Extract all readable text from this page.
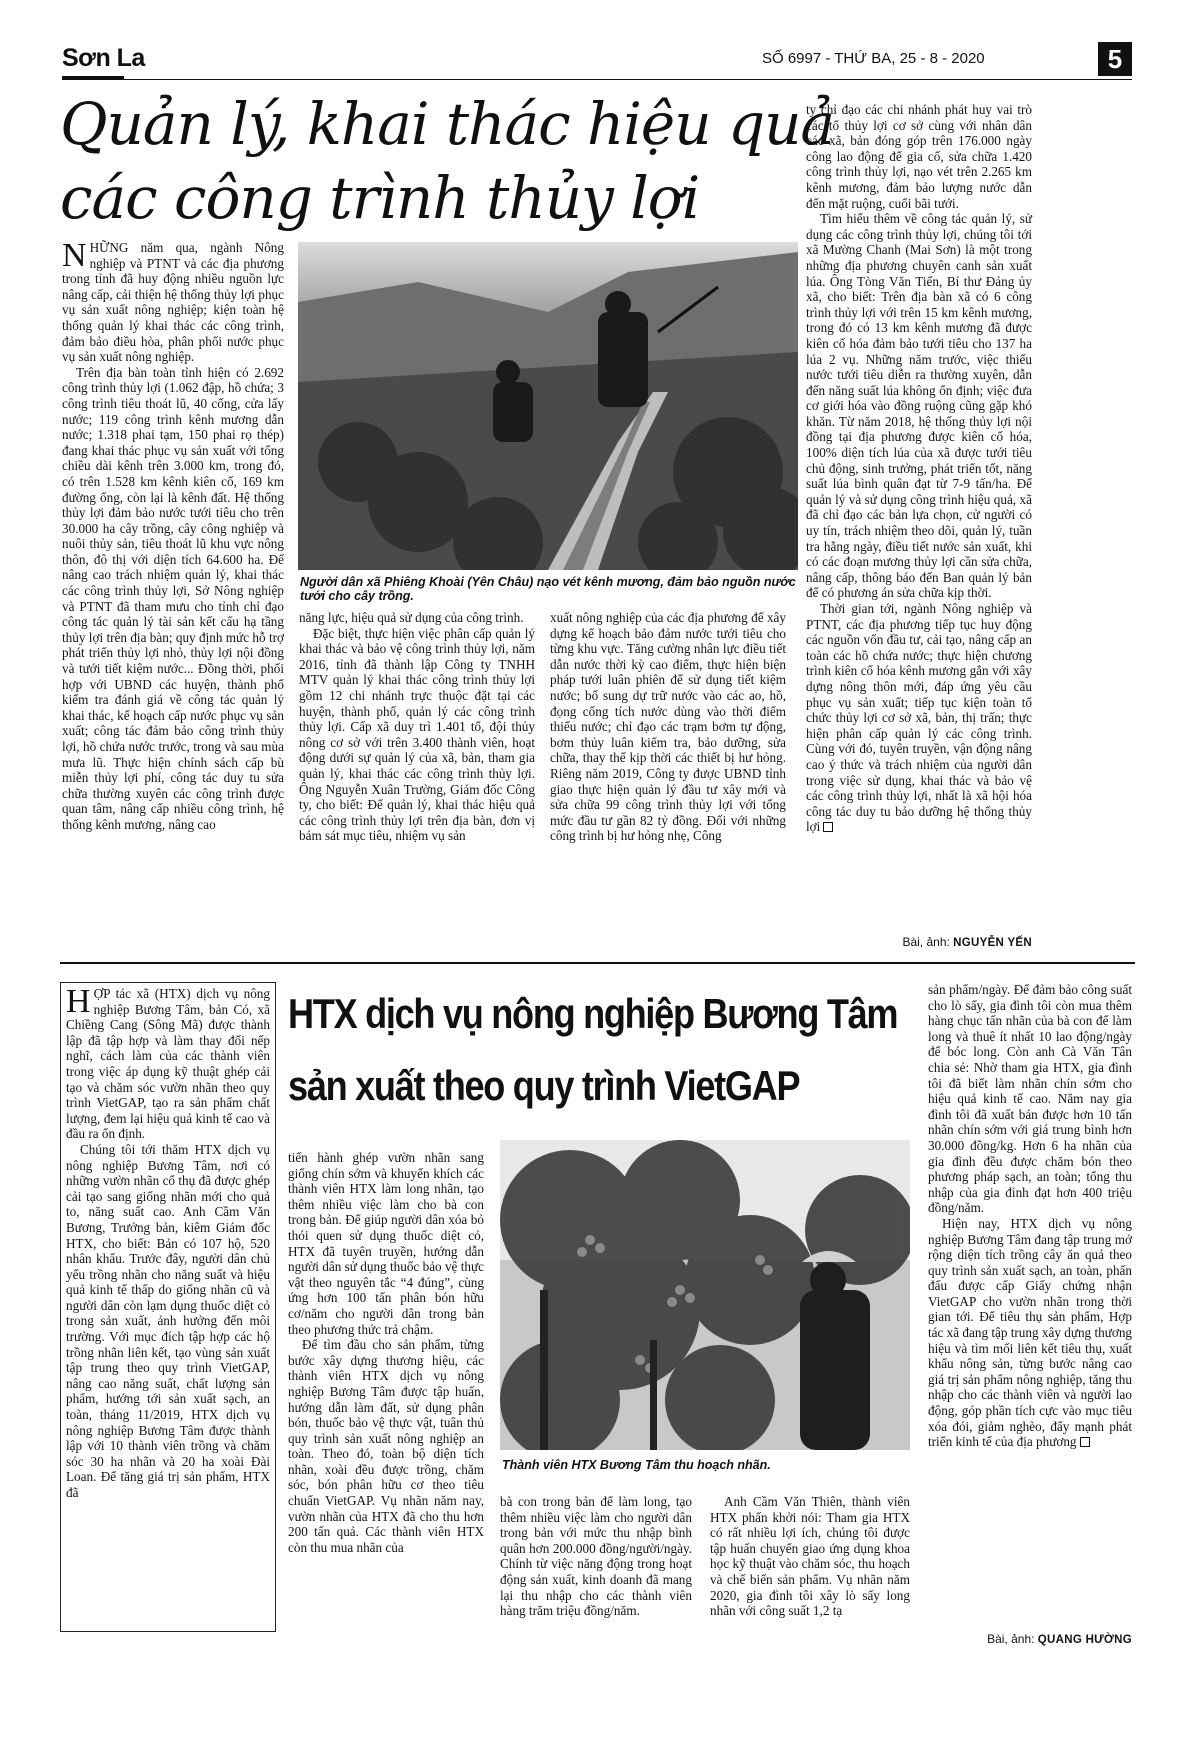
Sơn La	SỐ 6997 - THỨ BA, 25 - 8 - 2020	5
Quản lý, khai thác hiệu quả
các công trình thủy lợi

NHỮNG năm qua, ngành Nông nghiệp và PTNT và các địa phương trong tỉnh đã huy động nhiều nguồn lực nâng cấp, cải thiện hệ thống thủy lợi phục vụ sản xuất nông nghiệp; kiện toàn hệ thống quản lý khai thác các công trình, đảm bảo điều hòa, phân phối nước phục vụ sản xuất nông nghiệp.

Trên địa bàn toàn tỉnh hiện có 2.692 công trình thủy lợi (1.062 đập, hồ chứa; 3 công trình tiêu thoát lũ, 40 cống, cửa lấy nước; 119 công trình kênh mương dẫn nước; 1.318 phai tạm, 150 phai rọ thép) đang khai thác phục vụ sản xuất với tổng chiều dài kênh trên 3.000 km, trong đó, có trên 1.528 km kênh kiên cố, 169 km đường ống, còn lại là kênh đất. Hệ thống thủy lợi đảm bảo nước tưới tiêu cho trên 30.000 ha cây trồng, cây công nghiệp và nuôi thủy sản, tiêu thoát lũ khu vực nông thôn, đô thị với diện tích 64.600 ha. Để nâng cao trách nhiệm quản lý, khai thác các công trình thủy lợi, Sở Nông nghiệp và PTNT đã tham mưu cho tỉnh chỉ đạo công tác quản lý tài sản kết cấu hạ tầng thủy lợi trên địa bàn; quy định mức hỗ trợ phát triển thủy lợi nhỏ, thủy lợi nội đồng và tưới tiết kiệm nước... Đồng thời, phối hợp với UBND các huyện, thành phố kiểm tra đánh giá về công tác quản lý khai thác, kế hoạch cấp nước phục vụ sản xuất; công tác đảm bảo công trình thủy lợi, hồ chứa nước trước, trong và sau mùa mưa lũ. Thực hiện chính sách cấp bù miễn thủy lợi phí, công tác duy tu sửa chữa thường xuyên các công trình được quan tâm, nâng cấp nhiều công trình, hệ thống kênh mương, nâng cao

Người dân xã Phiêng Khoài (Yên Châu) nạo vét kênh mương, đảm bảo nguồn nước tưới cho cây trồng.

năng lực, hiệu quả sử dụng của công trình.

Đặc biệt, thực hiện việc phân cấp quản lý khai thác và bảo vệ công trình thủy lợi, năm 2016, tỉnh đã thành lập Công ty TNHH MTV quản lý khai thác công trình thủy lợi gồm 12 chi nhánh trực thuộc đặt tại các huyện, thành phố, quản lý các công trình thủy lợi. Cấp xã duy trì 1.401 tổ, đội thủy nông cơ sở với trên 3.400 thành viên, hoạt động dưới sự quản lý của xã, bản, tham gia quản lý, khai thác các công trình thủy lợi. Ông Nguyễn Xuân Trường, Giám đốc Công ty, cho biết: Để quản lý, khai thác hiệu quả các công trình thủy lợi trên địa bàn, đơn vị bám sát mục tiêu, nhiệm vụ sản

xuất nông nghiệp của các địa phương để xây dựng kế hoạch bảo đảm nước tưới tiêu cho từng khu vực. Tăng cường nhân lực điều tiết dẫn nước thời kỳ cao điểm, thực hiện biện pháp tưới luân phiên để sử dụng tiết kiệm nước; bổ sung dự trữ nước vào các ao, hồ, đọng cống tích nước dùng vào thời điểm thiếu nước; chỉ đạo các trạm bơm tự động, bơm thủy luân kiểm tra, bảo dưỡng, sửa chữa, thay thế kịp thời các thiết bị hư hỏng. Riêng năm 2019, Công ty được UBND tỉnh giao thực hiện quản lý đầu tư xây mới và sửa chữa 99 công trình thủy lợi với tổng mức đầu tư gần 82 tỷ đồng. Đối với những công trình bị hư hỏng nhẹ, Công

ty chỉ đạo các chi nhánh phát huy vai trò các tổ thủy lợi cơ sở cùng với nhân dân các xã, bản đóng góp trên 176.000 ngày công lao động để gia cố, sửa chữa 1.420 công trình thủy lợi, nạo vét trên 2.265 km kênh mương, đảm bảo lượng nước dẫn đến mặt ruộng, cuối bãi tưới.

Tìm hiểu thêm về công tác quản lý, sử dụng các công trình thủy lợi, chúng tôi tới xã Mường Chanh (Mai Sơn) là một trong những địa phương chuyên canh sản xuất lúa. Ông Tòng Văn Tiến, Bí thư Đảng ủy xã, cho biết: Trên địa bàn xã có 6 công trình thủy lợi với trên 15 km kênh mương, trong đó có 13 km kênh mương đã được kiên cố hóa đảm bảo tưới tiêu cho 137 ha lúa 2 vụ. Những năm trước, việc thiếu nước tưới tiêu diễn ra thường xuyên, dẫn đến năng suất lúa không ổn định; việc đưa cơ giới hóa vào đồng ruộng cũng gặp khó khăn. Từ năm 2018, hệ thống thủy lợi nội đồng tại địa phương được kiên cố hóa, 100% diện tích lúa của xã được tưới tiêu chủ động, sinh trưởng, phát triển tốt, năng suất lúa bình quân đạt từ 7-9 tấn/ha. Để quản lý và sử dụng công trình hiệu quả, xã đã chỉ đạo các bản lựa chọn, cử người có uy tín, trách nhiệm theo dõi, quản lý, tuần tra hằng ngày, điều tiết nước sản xuất, khi có các đoạn mương thủy lợi cần sửa chữa, nâng cấp, thông báo đến Ban quản lý bản để có phương án sửa chữa kịp thời.

Thời gian tới, ngành Nông nghiệp và PTNT, các địa phương tiếp tục huy động các nguồn vốn đầu tư, cải tạo, nâng cấp an toàn các hồ chứa nước; thực hiện chương trình kiên cố hóa kênh mương gắn với xây dựng nông thôn mới, đáp ứng yêu cầu phục vụ sản xuất; tiếp tục kiện toàn tổ chức thủy lợi cơ sở xã, bản, thị trấn; thực hiện phân cấp quản lý các công trình. Cùng với đó, tuyên truyền, vận động nâng cao ý thức và trách nhiệm của người dân trong việc sử dụng, khai thác và bảo vệ các công trình thủy lợi, nhất là xã hội hóa công tác duy tu bảo dưỡng hệ thống thủy lợi

Bài, ảnh: NGUYỄN YẾN

HỢP tác xã (HTX) dịch vụ nông nghiệp Bương Tâm, bản Có, xã Chiềng Cang (Sông Mã) được thành lập đã tập hợp và làm thay đổi nếp nghĩ, cách làm của các thành viên trong việc áp dụng kỹ thuật ghép cải tạo và chăm sóc vườn nhãn theo quy trình VietGAP, tạo ra sản phẩm chất lượng, đem lại hiệu quả kinh tế cao và đầu ra ổn định.

Chúng tôi tới thăm HTX dịch vụ nông nghiệp Bương Tâm, nơi có những vườn nhãn cổ thụ đã được ghép cải tạo sang giống nhãn mới cho quả to, năng suất cao. Anh Cầm Văn Bương, Trưởng bản, kiêm Giám đốc HTX, cho biết: Bản có 107 hộ, 520 nhân khẩu. Trước đây, người dân chủ yếu trồng nhãn cho năng suất và hiệu quả kinh tế thấp do giống nhãn cũ và người dân còn lạm dụng thuốc diệt cỏ trong sản xuất, ảnh hưởng đến môi trường. Với mục đích tập hợp các hộ trồng nhãn liên kết, tạo vùng sản xuất tập trung theo quy trình VietGAP, nâng cao năng suất, chất lượng sản phẩm, hướng tới sản xuất sạch, an toàn, tháng 11/2019, HTX dịch vụ nông nghiệp Bương Tâm được thành lập với 10 thành viên trồng và chăm sóc 30 ha nhãn và 20 ha xoài Đài Loan. Để tăng giá trị sản phẩm, HTX đã

HTX dịch vụ nông nghiệp Bương Tâm
sản xuất theo quy trình VietGAP

tiến hành ghép vườn nhãn sang giống chín sớm và khuyến khích các thành viên HTX làm long nhãn, tạo thêm nhiều việc làm cho bà con trong bản. Để giúp người dân xóa bỏ thói quen sử dụng thuốc diệt cỏ, HTX đã tuyên truyền, hướng dẫn người dân sử dụng thuốc bảo vệ thực vật theo nguyên tắc “4 đúng”, cùng ứng hơn 100 tấn phân bón hữu cơ/năm cho người dân trong bản theo phương thức trả chậm.

Để tìm đầu cho sản phẩm, từng bước xây dựng thương hiệu, các thành viên HTX dịch vụ nông nghiệp Bương Tâm được tập huấn, hướng dẫn làm đất, sử dụng phân bón, thuốc bảo vệ thực vật, tuân thủ quy trình sản xuất nông nghiệp an toàn. Theo đó, toàn bộ diện tích nhãn, xoài đều được trồng, chăm sóc, bón phân hữu cơ theo tiêu chuẩn VietGAP. Vụ nhãn năm nay, vườn nhãn của HTX đã cho thu hơn 200 tấn quả. Các thành viên HTX còn thu mua nhãn của

Thành viên HTX Bương Tâm thu hoạch nhãn.

bà con trong bản để làm long, tạo thêm nhiều việc làm cho người dân trong bản với mức thu nhập bình quân hơn 200.000 đồng/người/ngày. Chính từ việc năng động trong hoạt động sản xuất, kinh doanh đã mang lại thu nhập cho các thành viên hàng trăm triệu đồng/năm.

Anh Cầm Văn Thiên, thành viên HTX phấn khởi nói: Tham gia HTX có rất nhiều lợi ích, chúng tôi được tập huấn chuyển giao ứng dụng khoa học kỹ thuật vào chăm sóc, thu hoạch và chế biến sản phẩm. Vụ nhãn năm 2020, gia đình tôi xây lò sấy long nhãn với công suất 1,2 tạ

sản phẩm/ngày. Để đảm bảo công suất cho lò sấy, gia đình tôi còn mua thêm hàng chục tấn nhãn của bà con để làm long và thuê ít nhất 10 lao động/ngày để bóc long. Còn anh Cà Văn Tân chia sẻ: Nhờ tham gia HTX, gia đình tôi đã biết làm nhãn chín sớm cho hiệu quả kinh tế cao. Năm nay gia đình tôi đã xuất bán được hơn 10 tấn nhãn chín sớm với giá trung bình hơn 30.000 đồng/kg. Hơn 6 ha nhãn của gia đình đều được chăm bón theo phương pháp sạch, an toàn; tổng thu nhập của gia đình đạt hơn 400 triệu đồng/năm.

Hiện nay, HTX dịch vụ nông nghiệp Bương Tâm đang tập trung mở rộng diện tích trồng cây ăn quả theo quy trình sản xuất sạch, an toàn, phấn đấu được cấp Giấy chứng nhận VietGAP cho vườn nhãn trong thời gian tới. Để tiêu thụ sản phẩm, Hợp tác xã đang tập trung xây dựng thương hiệu và tìm mối liên kết tiêu thụ, xuất khẩu nông sản, từng bước nâng cao giá trị sản phẩm nông nghiệp, tăng thu nhập cho các thành viên và người lao động, góp phần tích cực vào mục tiêu xóa đói, giảm nghèo, đẩy mạnh phát triển kinh tế của địa phương

Bài, ảnh: QUANG HƯỜNG
